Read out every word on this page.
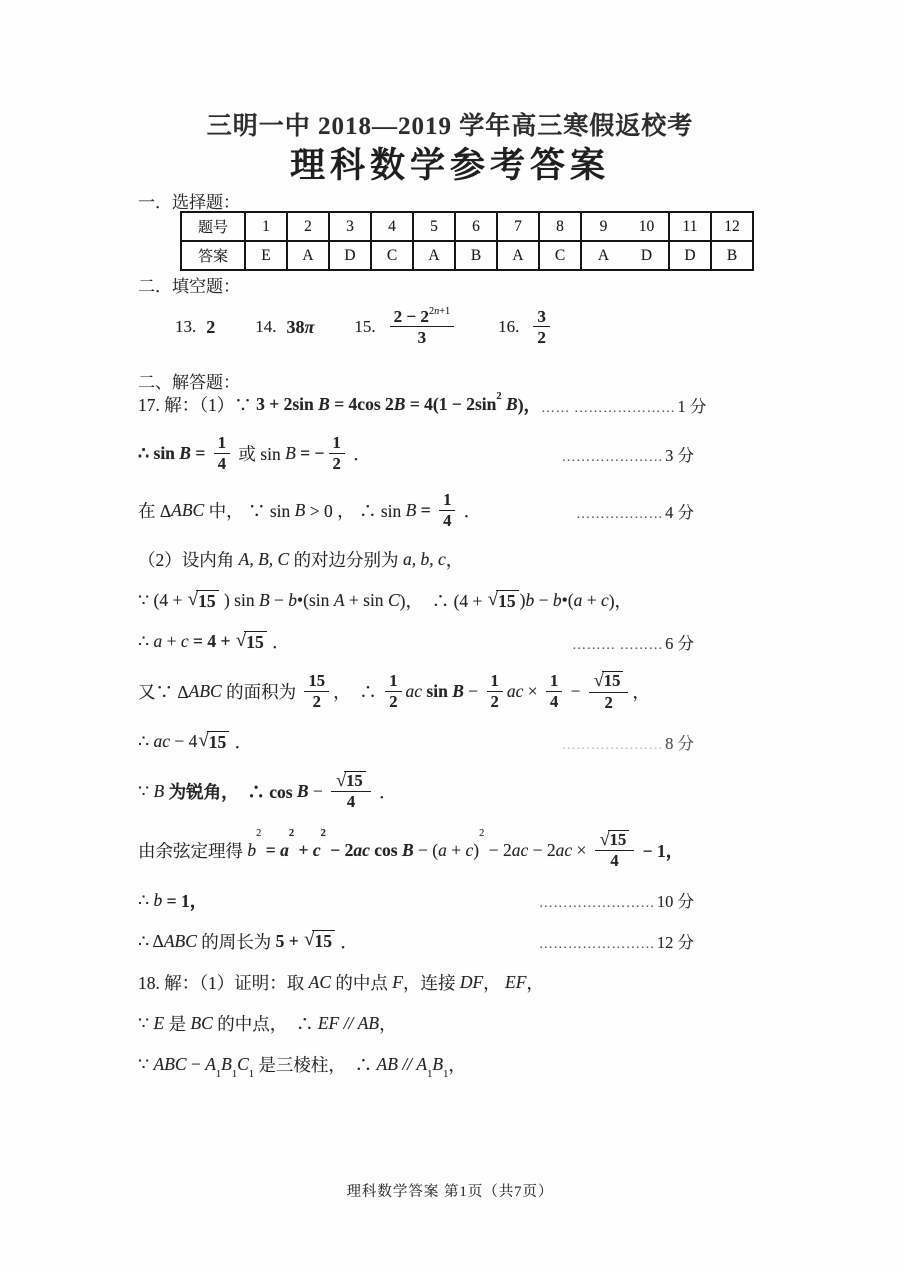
三明一中 2018—2019 学年高三寒假返校考
理科数学参考答案
一．选择题：
题号	1	2	3	4	5	6	7	8	9	10	11	12
答案	E	A	D	C	A	B	A	C	A	D	D	B
二．填空题：
13. 2 14. 38 π 15. $\frac{2 - 2 2n+1}{3}$	16. $\frac{3}{2}$
二、解答题：
17. 解：（1）∵ 3 + 2sin B = 4cos 2 B = 4(1 − 2sin 2 B )， …… ………………… 1 分
∴ $\sin B = \frac{1}{4}$ 或 sin B = − $\frac{1}{2}$ ．	………………… 3 分
在 Δ ABC 中， ∵ sin B > 0 ， ∴ $\sin B = \frac{1}{4}$ ．	……………… 4 分
（2）设内角 A, B, C 的对边分别为 a, b, c ，
∵ (4 + √ 15 ) sin B − b •(sin A + sin C )，  ∴ (4 + √ 15 ) b − b •( a + c )，
∴ a + c = 4 + √ 15 ．	……… ……… 6 分
又∵ Δ ABC 的面积为 $\frac{15}{2}$ ，  ∴ $\frac{1}{2}$ ac $\sin B - \frac{1}{2}$ ac × $\frac{1}{4} - \frac{√ 15}{2}$ ，
∴ ac − 4 √ 15 ．	………………… 8 分
∵ B 为锐角，  ∴ $\cos B - \frac{√ 15}{4}$ ．
由余弦定理得 b
2
= a
2
+ c
2
− 2 ac cos B − ( a + c )
2
− 2 ac − 2 ac × $\frac{√ 15}{4} - 1$，
∴ b = 1，	…………………… 10 分
∴ Δ ABC 的周长为 5 + √ 15 ．	…………………… 12 分
18. 解：（1）证明：取 AC 的中点 F ，连接 DF ， EF ，
∵ E 是 BC 的中点，  ∴ EF
//
AB ，
∵ ABC − A
1
B
1
C
1 是三棱柱，  ∴ AB
//
A
1
B
1 ，
理科数学答案 第1页（共7页）
